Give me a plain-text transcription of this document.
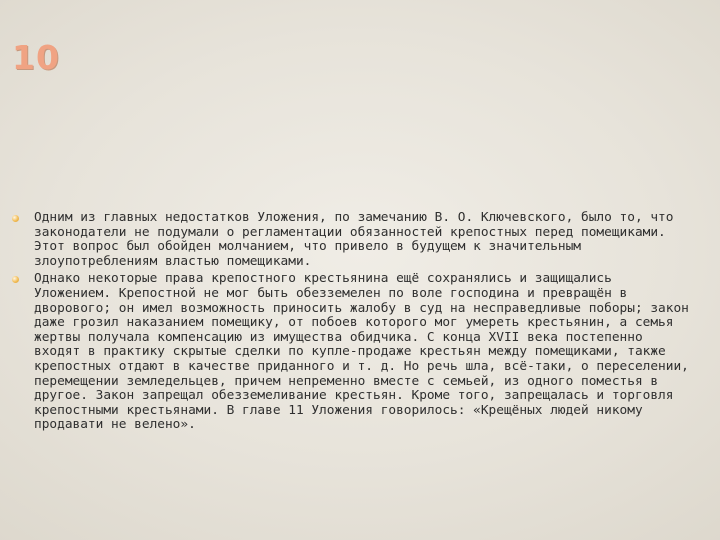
10
Одним из главных недостатков Уложения, по замечанию В. О. Ключевского, было то, что законодатели не подумали о регламентации обязанностей крепостных перед помещиками. Этот вопрос был обойден молчанием, что привело в будущем к значительным злоупотреблениям властью помещиками.
Однако некоторые права крепостного крестьянина ещё сохранялись и защищались Уложением. Крепостной не мог быть обезземелен по воле господина и превращён в дворового; он имел возможность приносить жалобу в суд на несправедливые поборы; закон даже грозил наказанием помещику, от побоев которого мог умереть крестьянин, а семья жертвы получала компенсацию из имущества обидчика. С конца XVII века постепенно входят в практику скрытые сделки по купле-продаже крестьян между помещиками, также крепостных отдают в качестве приданного и т. д. Но речь шла, всё-таки, о переселении, перемещении земледельцев, причем непременно вместе с семьей, из одного поместья в другое. Закон запрещал обезземеливание крестьян. Кроме того, запрещалась и торговля крепостными крестьянами. В главе 11 Уложения говорилось: «Крещёных людей никому продавати не велено».
